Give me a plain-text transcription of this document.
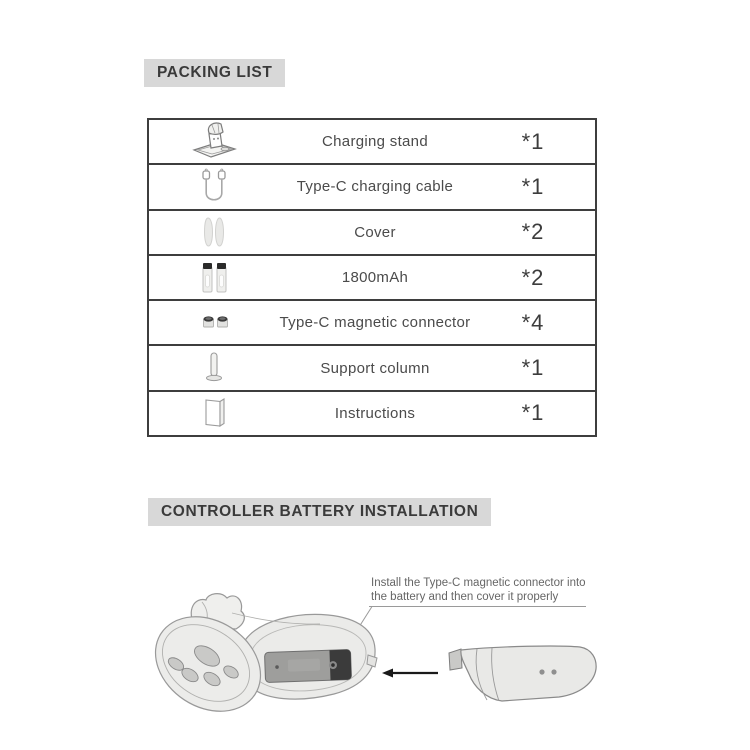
PACKING LIST
Charging stand	*1
Type-C charging cable	*1
Cover	*2
1800mAh	*2
Type-C magnetic connector	*4
Support column	*1
Instructions	*1
CONTROLLER BATTERY INSTALLATION
Install the Type-C magnetic connector into
the battery and then cover it properly
